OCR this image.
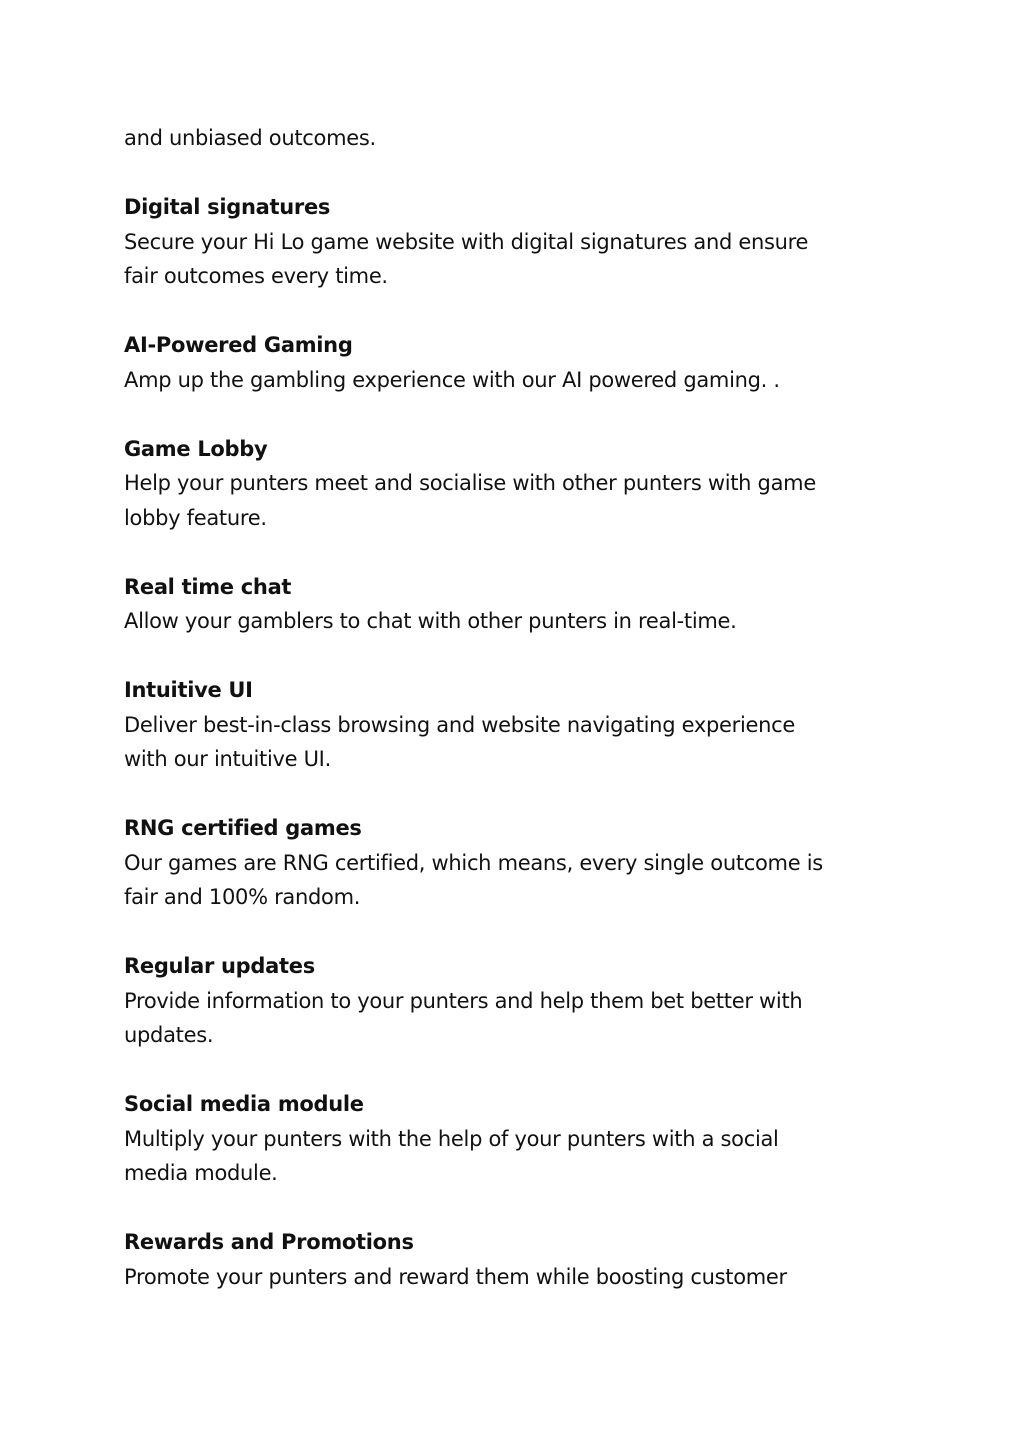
and unbiased outcomes.

Digital signatures

Secure your Hi Lo game website with digital signatures and ensure
fair outcomes every time.

AI-Powered Gaming

Amp up the gambling experience with our AI powered gaming. .

Game Lobby

Help your punters meet and socialise with other punters with game
lobby feature.

Real time chat

Allow your gamblers to chat with other punters in real-time.

Intuitive UI

Deliver best-in-class browsing and website navigating experience
with our intuitive UI.

RNG certified games

Our games are RNG certified, which means, every single outcome is
fair and 100% random.

Regular updates

Provide information to your punters and help them bet better with
updates.

Social media module

Multiply your punters with the help of your punters with a social
media module.

Rewards and Promotions

Promote your punters and reward them while boosting customer
